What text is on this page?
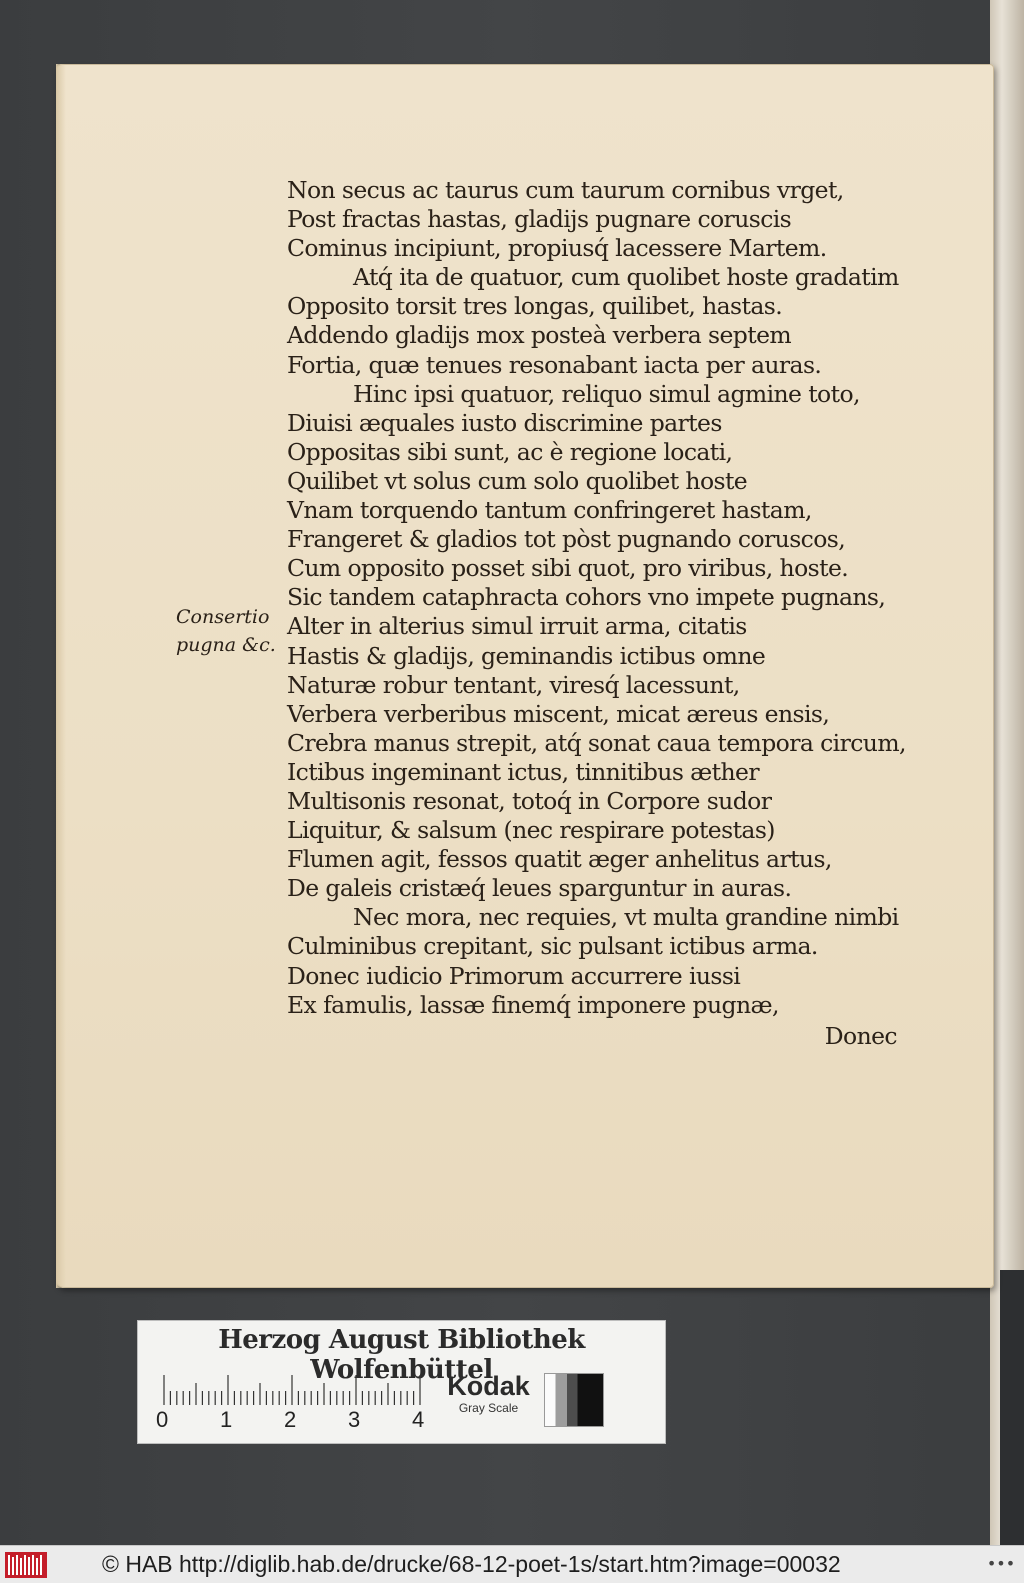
Consertio
pugna &c.
Non secus ac taurus cum taurum cornibus vrget,
Post fractas hastas, gladijs pugnare coruscis
Cominus incipiunt, propiusq́ lacessere Martem.
Atq́ ita de quatuor, cum quolibet hoste gradatim
Opposito torsit tres longas, quilibet, hastas.
Addendo gladijs mox posteà verbera septem
Fortia, quæ tenues resonabant iacta per auras.
Hinc ipsi quatuor, reliquo simul agmine toto,
Diuisi æquales iusto discrimine partes
Oppositas sibi sunt, ac è regione locati,
Quilibet vt solus cum solo quolibet hoste
Vnam torquendo tantum confringeret hastam,
Frangeret & gladios tot pòst pugnando coruscos,
Cum opposito posset sibi quot, pro viribus, hoste.
Sic tandem cataphracta cohors vno impete pugnans,
Alter in alterius simul irruit arma, citatis
Hastis & gladijs, geminandis ictibus omne
Naturæ robur tentant, viresq́ lacessunt,
Verbera verberibus miscent, micat æreus ensis,
Crebra manus strepit, atq́ sonat caua tempora circum,
Ictibus ingeminant ictus, tinnitibus æther
Multisonis resonat, totoq́ in Corpore sudor
Liquitur, & salsum (nec respirare potestas)
Flumen agit, fessos quatit æger anhelitus artus,
De galeis cristæq́ leues sparguntur in auras.
Nec mora, nec requies, vt multa grandine nimbi
Culminibus crepitant, sic pulsant ictibus arma.
Donec iudicio Primorum accurrere iussi
Ex famulis, lassæ finemq́ imponere pugnæ,
Donec
Herzog August Bibliothek Wolfenbüttel
0 1 2 3 4
Kodak
Gray Scale
© HAB http://diglib.hab.de/drucke/68-12-poet-1s/start.htm?image=00032	•••
